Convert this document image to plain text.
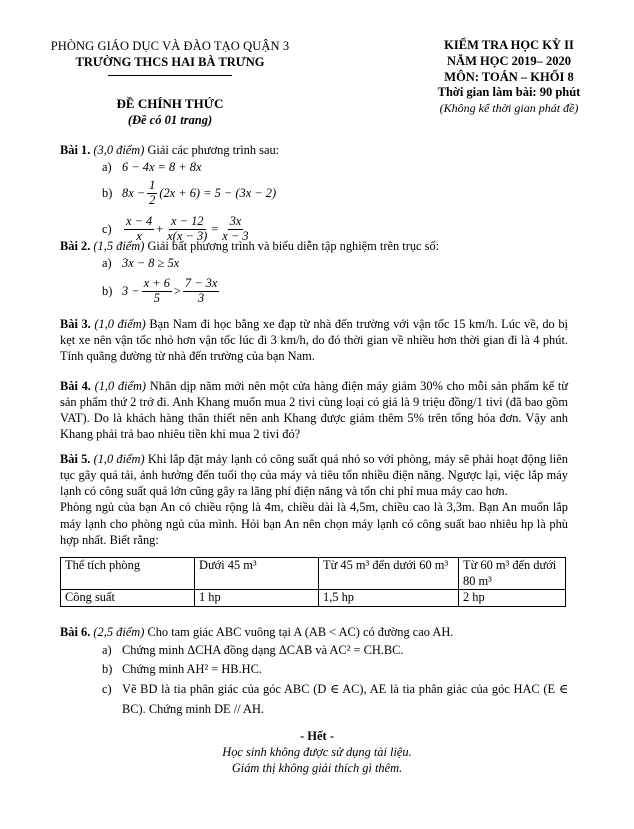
PHÒNG GIÁO DỤC VÀ ĐÀO TẠO QUẬN 3
TRƯỜNG THCS HAI BÀ TRƯNG
ĐỀ CHÍNH THỨC
(Đề có 01 trang)
KIỂM TRA HỌC KỲ II
NĂM HỌC 2019– 2020
MÔN: TOÁN – KHỐI 8
Thời gian làm bài: 90 phút
(Không kể thời gian phát đề)
Bài 1. (3,0 điểm) Giải các phương trình sau:
a) 6 − 4x = 8 + 8x
b) $8x - \frac{1}{2} (2x + 6) = 5 - (3x - 2)$
$c) \frac{x - 4}{x} + \frac{x - 12}{x(x - 3)} = \frac{3x}{x - 3}$
Bài 2. (1,5 điểm) Giải bất phương trình và biểu diễn tập nghiệm trên trục số:
a) 3x − 8 ≥ 5x
b) $3 - \frac{x + 6}{5} > \frac{7 - 3x}{3}$
Bài 3. (1,0 điểm) Bạn Nam đi học bằng xe đạp từ nhà đến trường với vận tốc 15 km/h. Lúc về, do bị kẹt xe nên vận tốc nhỏ hơn vận tốc lúc đi 3 km/h, do đó thời gian về nhiều hơn thời gian đi là 4 phút. Tính quãng đường từ nhà đến trường của bạn Nam.
Bài 4. (1,0 điểm) Nhân dịp năm mới nên một cửa hàng điện máy giảm 30% cho mỗi sản phẩm kể từ sản phẩm thứ 2 trở đi. Anh Khang muốn mua 2 tivi cùng loại có giá là 9 triệu đồng/1 tivi (đã bao gồm VAT). Do là khách hàng thân thiết nên anh Khang được giảm thêm 5% trên tổng hóa đơn. Vậy anh Khang phải trả bao nhiêu tiền khi mua 2 tivi đó?
Bài 5. (1,0 điểm) Khi lắp đặt máy lạnh có công suất quá nhỏ so với phòng, máy sẽ phải hoạt động liên tục gây quá tải, ảnh hưởng đến tuổi thọ của máy và tiêu tốn nhiều điện năng. Ngược lại, việc lắp máy lạnh có công suất quá lớn cũng gây ra lãng phí điện năng và tốn chi phí mua máy cao hơn.
Phòng ngủ của bạn An có chiều rộng là 4m, chiều dài là 4,5m, chiều cao là 3,3m. Bạn An muốn lắp máy lạnh cho phòng ngủ của mình. Hỏi bạn An nên chọn máy lạnh có công suất bao nhiêu hp là phù hợp nhất. Biết rằng:
Thể tích phòng	Dưới 45 m³	Từ 45 m³ đến dưới 60 m³	Từ 60 m³ đến dưới 80 m³
Công suất	1 hp	1,5 hp	2 hp
Bài 6. (2,5 điểm) Cho tam giác ABC vuông tại A (AB < AC) có đường cao AH.
a) Chứng minh ΔCHA đồng dạng ΔCAB và AC² = CH.BC.
b) Chứng minh AH² = HB.HC.
c) Vẽ BD là tia phân giác của góc ABC (D ∈ AC), AE là tia phân giác của góc HAC (E ∈ BC). Chứng minh DE // AH.
- Hết -
Học sinh không được sử dụng tài liệu.
Giám thị không giải thích gì thêm.
